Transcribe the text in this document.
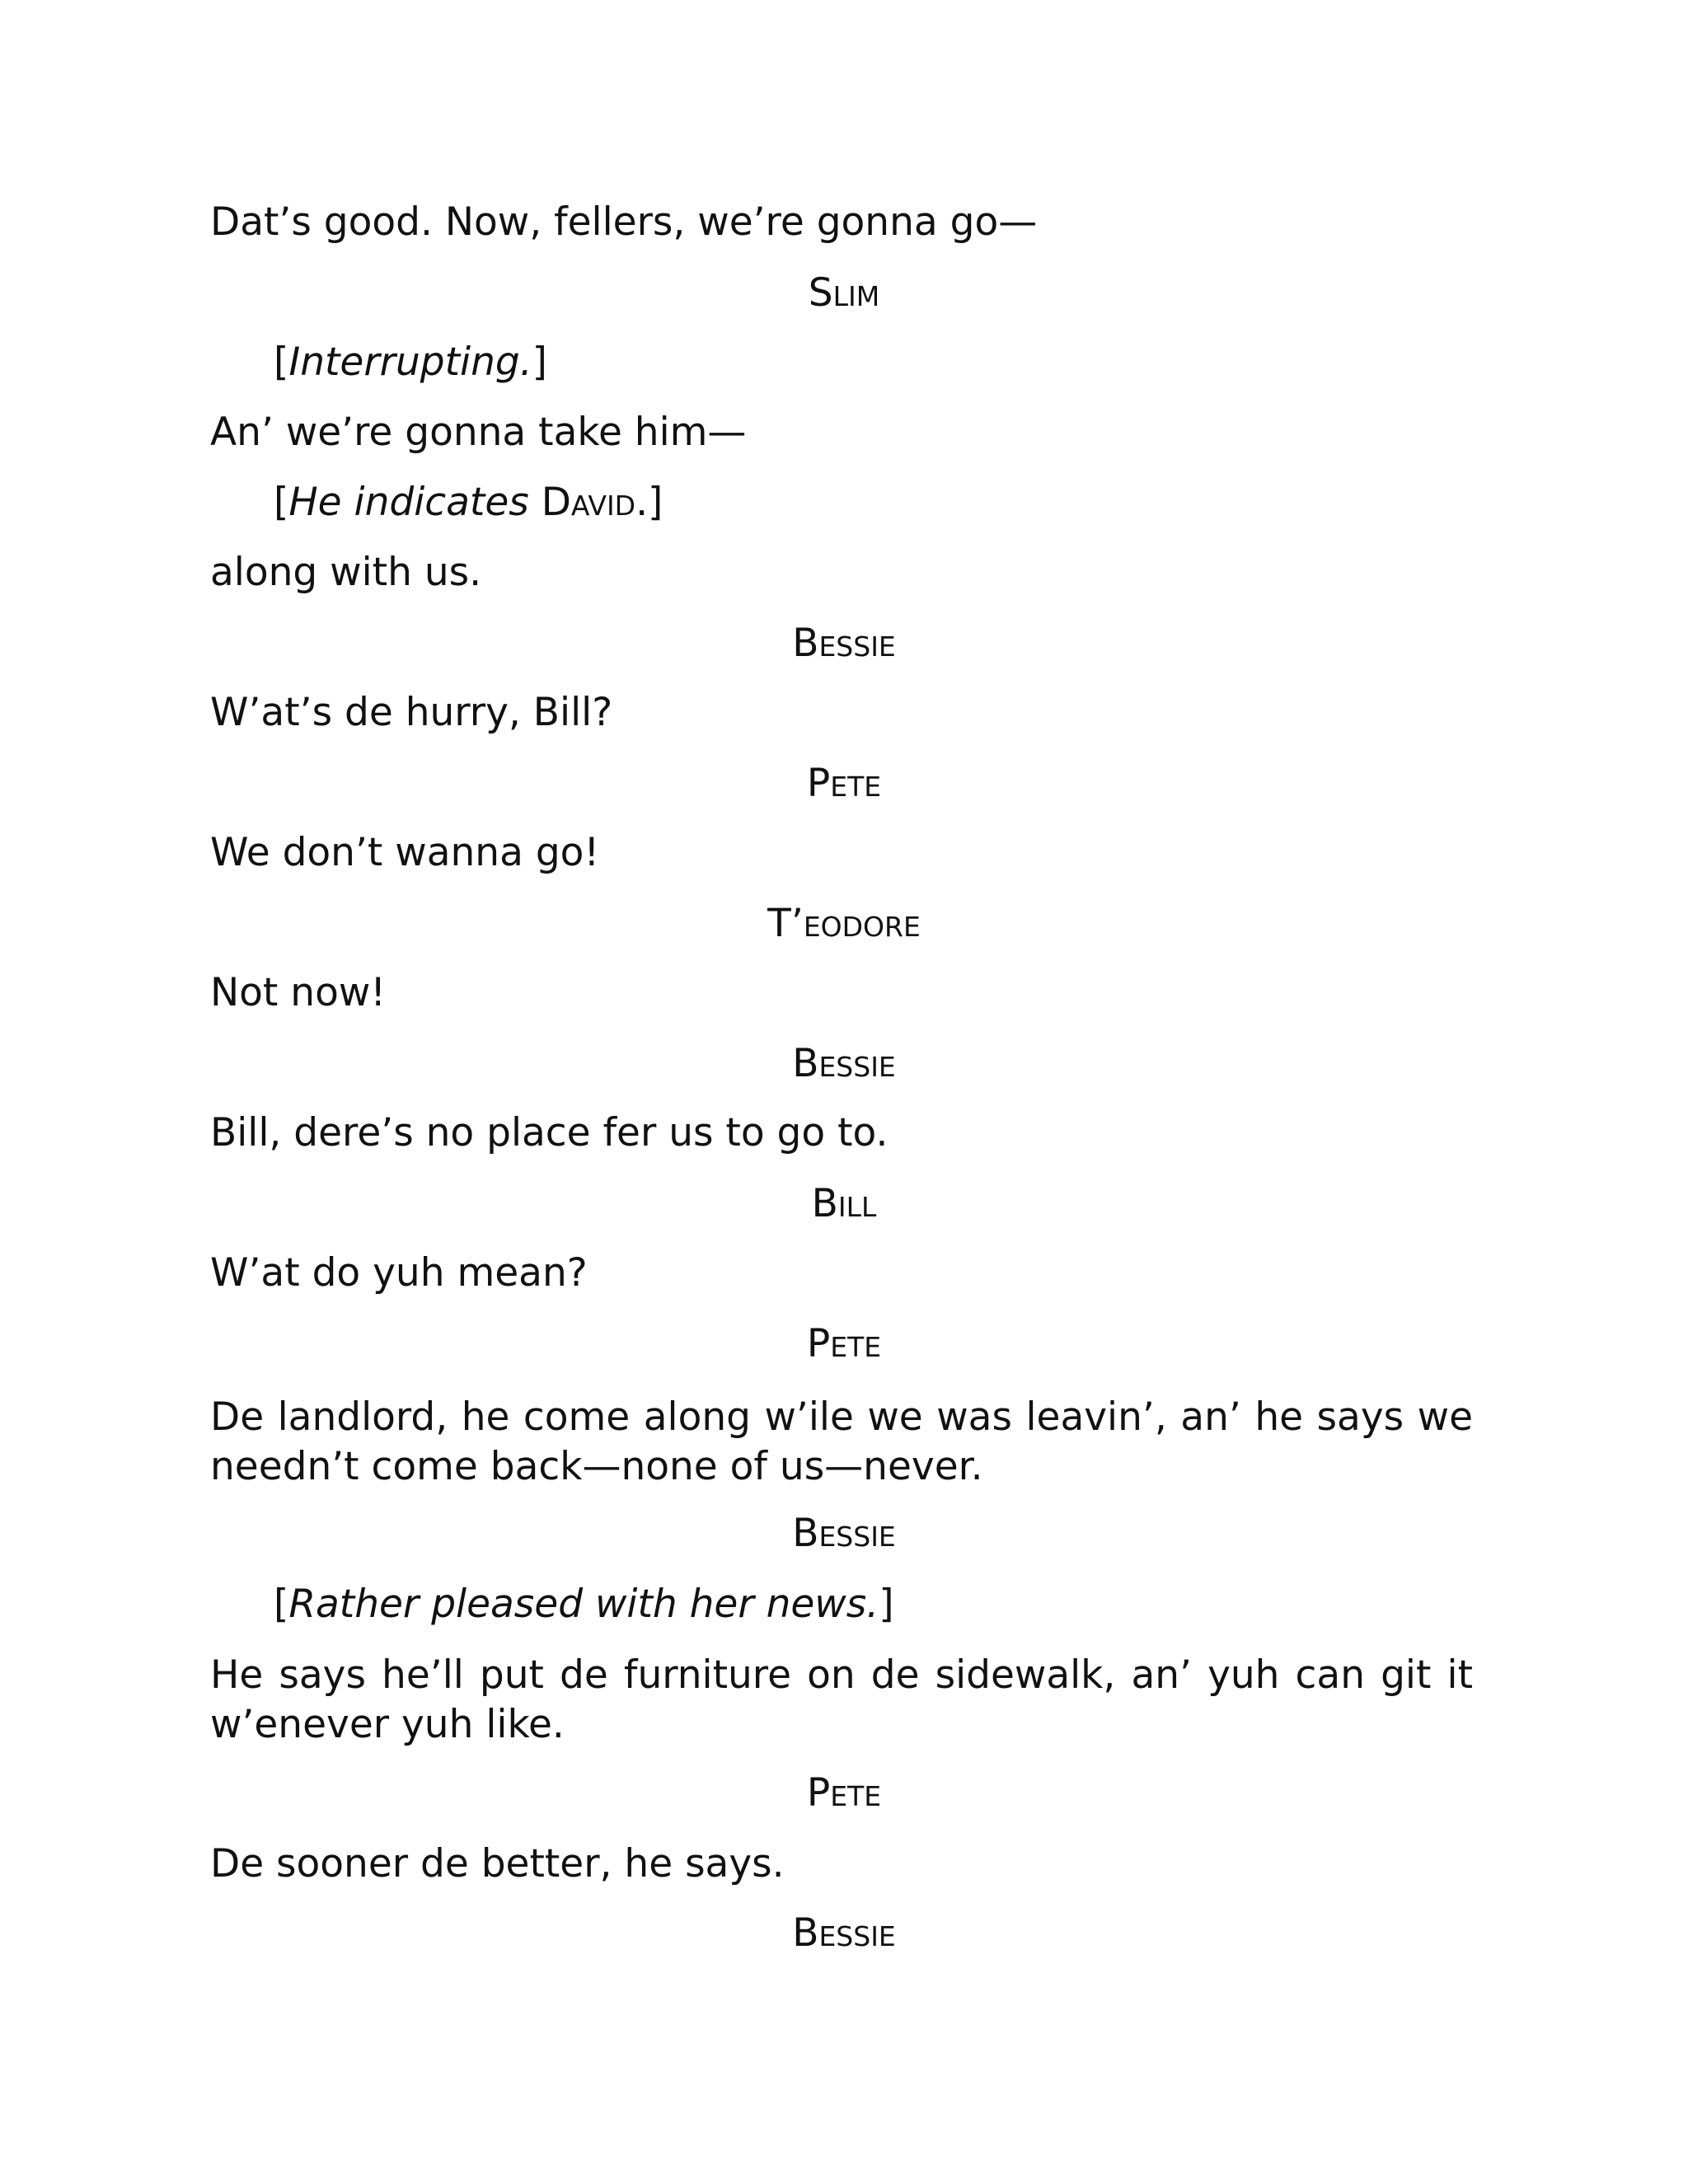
Dat’s good. Now, fellers, we’re gonna go—

Slim

[Interrupting.]

An’ we’re gonna take him—

[He indicates David.]

along with us.

Bessie

W’at’s de hurry, Bill?

Pete

We don’t wanna go!

T’eodore

Not now!

Bessie

Bill, dere’s no place fer us to go to.

Bill

W’at do yuh mean?

Pete

De landlord, he come along w’ile we was leavin’, an’ he says we needn’t come back—none of us—never.

Bessie

[Rather pleased with her news.]

He says he’ll put de furniture on de sidewalk, an’ yuh can git it w’enever yuh like.

Pete

De sooner de better, he says.

Bessie
